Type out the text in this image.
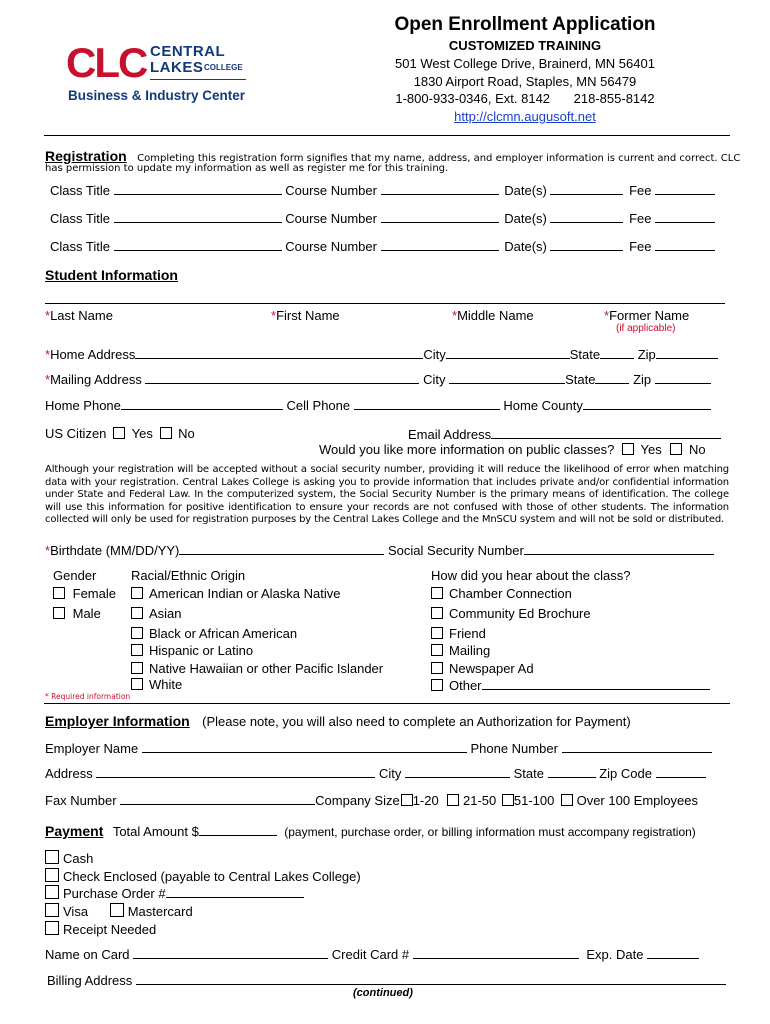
CLC CENTRAL
LAKES COLLEGE
Business & Industry Center
Open Enrollment Application
CUSTOMIZED TRAINING
501 West College Drive, Brainerd, MN 56401
1830 Airport Road, Staples, MN 56479
1-800-933-0346, Ext. 8142 218-855-8142
http://clcmn.augusoft.net
Registration Completing this registration form signifies that my name, address, and employer information is current and correct. CLC
has permission to update my information as well as register me for this training.
Class Title	Course Number	Date(s)	Fee
Class Title	Course Number	Date(s)	Fee
Class Title	Course Number	Date(s)	Fee
Student Information
*Last Name	*First Name	*Middle Name	*Former Name
(if applicable)
*Home Address	City	State	Zip
*Mailing Address	City	State	Zip
Home Phone	Cell Phone	Home County
US Citizen Yes No	Email Address
Would you like more information on public classes? Yes No
Although your registration will be accepted without a social security number, providing it will reduce the likelihood of error when matching data with your registration. Central Lakes College is asking you to provide information that includes private and/or confidential information under State and Federal Law. In the computerized system, the Social Security Number is the primary means of identification. The college will use this information for positive identification to ensure your records are not confused with those of other students. The information collected will only be used for registration purposes by the Central Lakes College and the MnSCU system and will not be sold or distributed.
*Birthdate (MM/DD/YY)	Social Security Number
Gender
Female
Male
Racial/Ethnic Origin
American Indian or Alaska Native
Asian
Black or African American
Hispanic or Latino
Native Hawaiian or other Pacific Islander
White
How did you hear about the class?
Chamber Connection
Community Ed Brochure
Friend
Mailing
Newspaper Ad
Other
* Required information
Employer Information (Please note, you will also need to complete an Authorization for Payment)
Employer Name	Phone Number
Address	City	State	Zip Code
Fax Number	Company Size 1-20 21-50 51-100 Over 100 Employees
Payment Total Amount $	(payment, purchase order, or billing information must accompany registration)
Cash
Check Enclosed (payable to Central Lakes College)
Purchase Order #
Visa	Mastercard
Receipt Needed
Name on Card	Credit Card #	Exp. Date
Billing Address
(continued)
